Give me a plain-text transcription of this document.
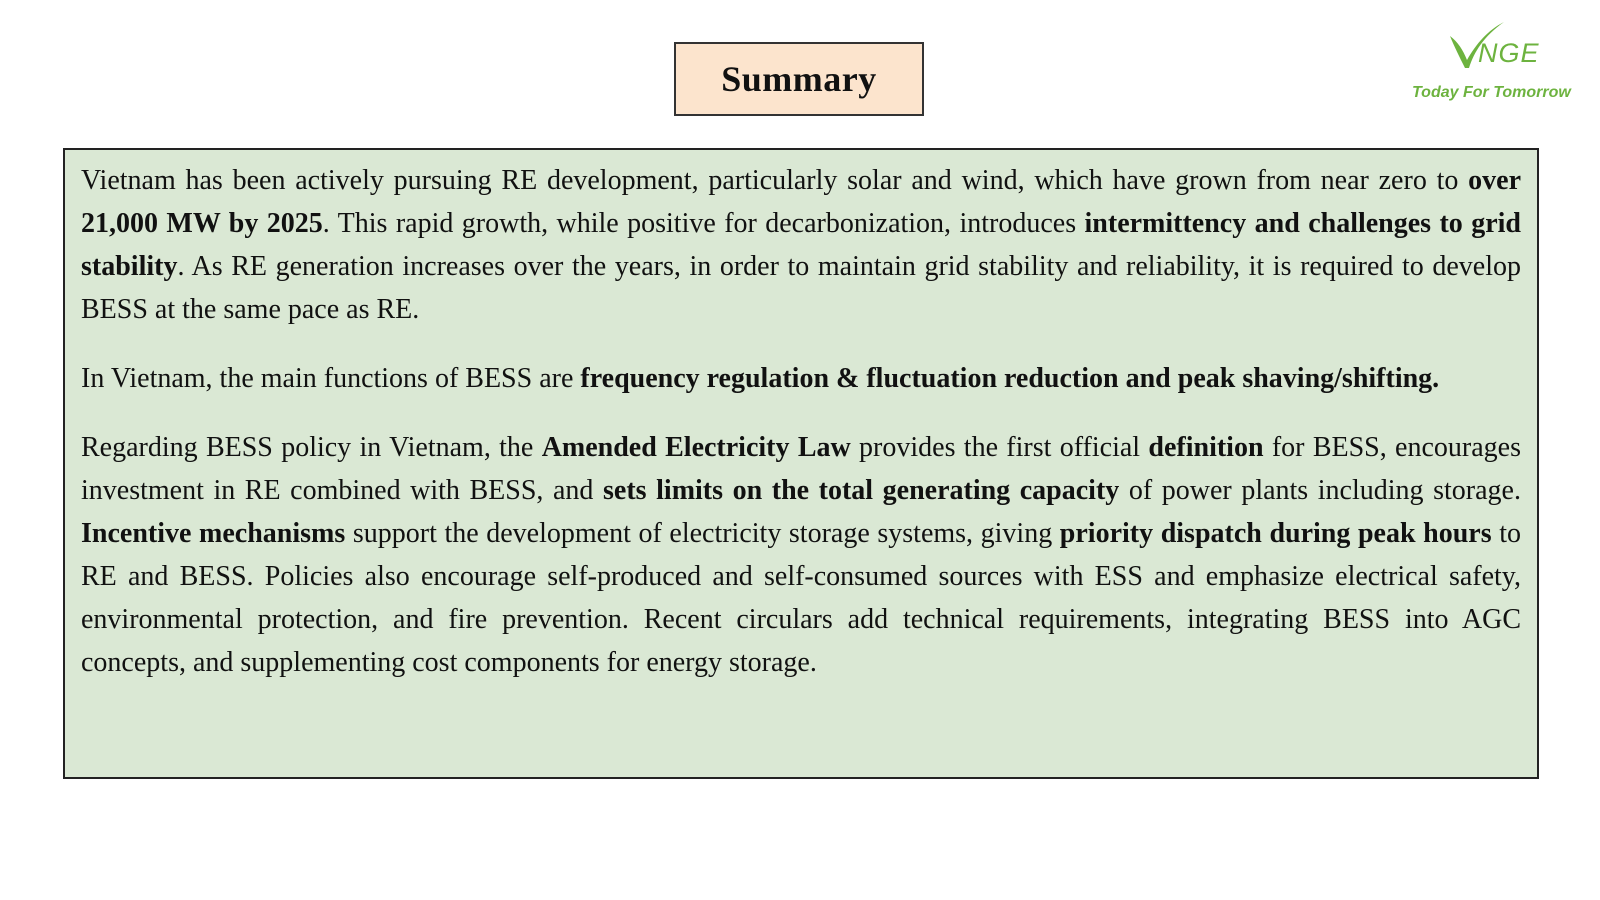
Summary
NGE
Today For Tomorrow

Vietnam has been actively pursuing RE development, particularly solar and wind, which have grown from near zero to over 21,000 MW by 2025. This rapid growth, while positive for decarbonization, introduces intermittency and challenges to grid stability. As RE generation increases over the years, in order to maintain grid stability and reliability, it is required to develop BESS at the same pace as RE.

In Vietnam, the main functions of BESS are frequency regulation & fluctuation reduction and peak shaving/shifting.

Regarding BESS policy in Vietnam, the Amended Electricity Law provides the first official definition for BESS, encourages investment in RE combined with BESS, and sets limits on the total generating capacity of power plants including storage. Incentive mechanisms support the development of electricity storage systems, giving priority dispatch during peak hours to RE and BESS. Policies also encourage self-produced and self-consumed sources with ESS and emphasize electrical safety, environmental protection, and fire prevention. Recent circulars add technical requirements, integrating BESS into AGC concepts, and supplementing cost components for energy storage.
